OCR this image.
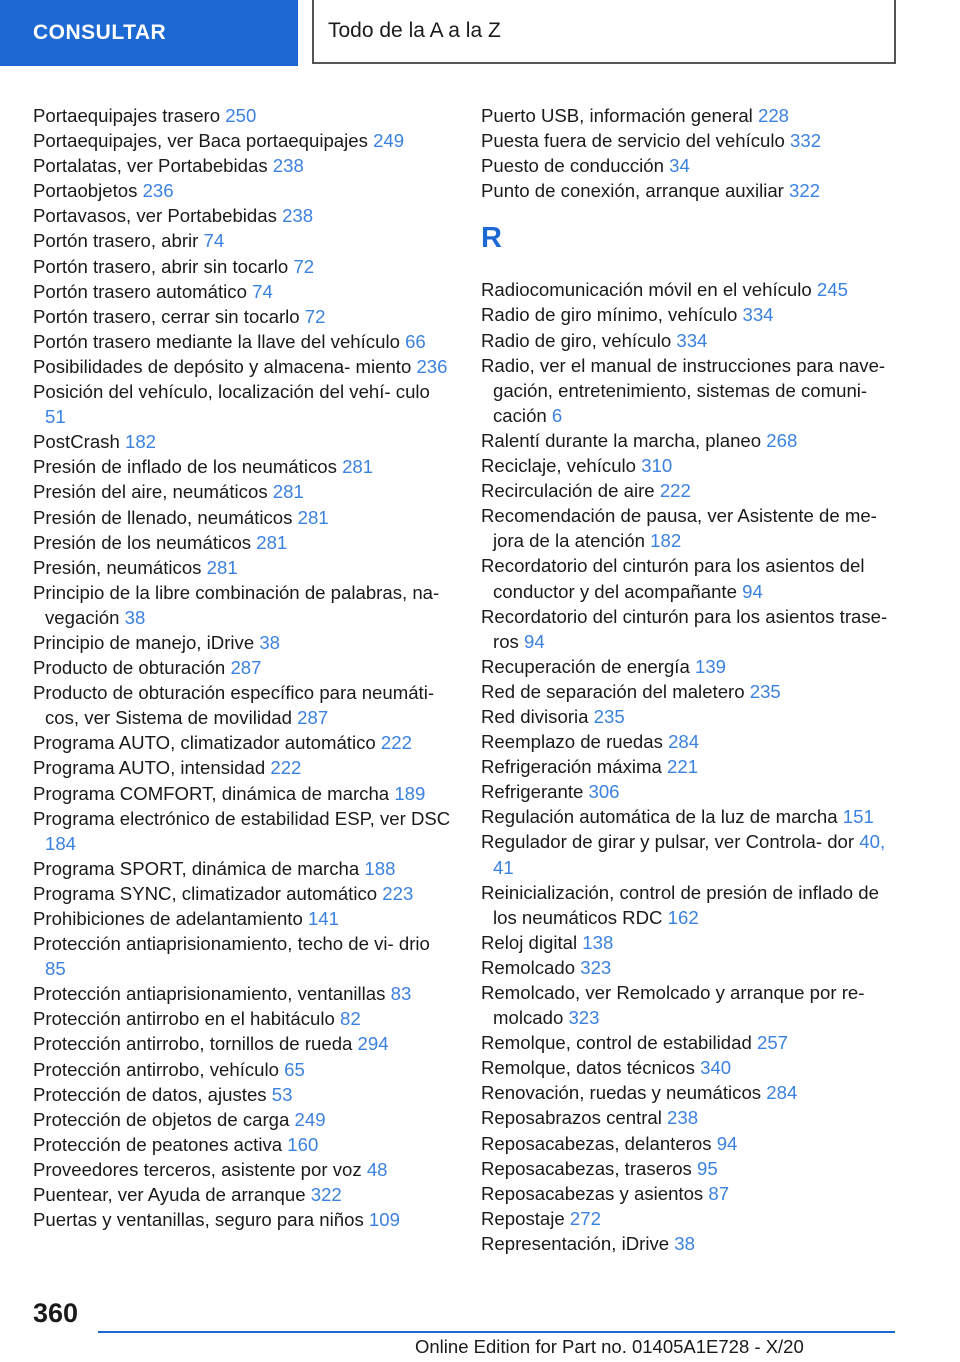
CONSULTAR	Todo de la A a la Z
Portaequipajes trasero 250
Portaequipajes, ver Baca portaequipajes 249
Portalatas, ver Portabebidas 238
Portaobjetos 236
Portavasos, ver Portabebidas 238
Portón trasero, abrir 74
Portón trasero, abrir sin tocarlo 72
Portón trasero automático 74
Portón trasero, cerrar sin tocarlo 72
Portón trasero mediante la llave del vehículo 66
Posibilidades de depósito y almacena‐ miento 236
Posición del vehículo, localización del vehí‐ culo 51
PostCrash 182
Presión de inflado de los neumáticos 281
Presión del aire, neumáticos 281
Presión de llenado, neumáticos 281
Presión de los neumáticos 281
Presión, neumáticos 281
Principio de la libre combinación de palabras, na‐ vegación 38
Principio de manejo, iDrive 38
Producto de obturación 287
Producto de obturación específico para neumáti‐ cos, ver Sistema de movilidad 287
Programa AUTO, climatizador automático 222
Programa AUTO, intensidad 222
Programa COMFORT, dinámica de marcha 189
Programa electrónico de estabilidad ESP, ver DSC 184
Programa SPORT, dinámica de marcha 188
Programa SYNC, climatizador automático 223
Prohibiciones de adelantamiento 141
Protección antiaprisionamiento, techo de vi‐ drio 85
Protección antiaprisionamiento, ventanillas 83
Protección antirrobo en el habitáculo 82
Protección antirrobo, tornillos de rueda 294
Protección antirrobo, vehículo 65
Protección de datos, ajustes 53
Protección de objetos de carga 249
Protección de peatones activa 160
Proveedores terceros, asistente por voz 48
Puentear, ver Ayuda de arranque 322
Puertas y ventanillas, seguro para niños 109
Puerto USB, información general 228
Puesta fuera de servicio del vehículo 332
Puesto de conducción 34
Punto de conexión, arranque auxiliar 322
R
Radiocomunicación móvil en el vehículo 245
Radio de giro mínimo, vehículo 334
Radio de giro, vehículo 334
Radio, ver el manual de instrucciones para nave‐ gación, entretenimiento, sistemas de comuni‐ cación 6
Ralentí durante la marcha, planeo 268
Reciclaje, vehículo 310
Recirculación de aire 222
Recomendación de pausa, ver Asistente de me‐ jora de la atención 182
Recordatorio del cinturón para los asientos del conductor y del acompañante 94
Recordatorio del cinturón para los asientos trase‐ ros 94
Recuperación de energía 139
Red de separación del maletero 235
Red divisoria 235
Reemplazo de ruedas 284
Refrigeración máxima 221
Refrigerante 306
Regulación automática de la luz de marcha 151
Regulador de girar y pulsar, ver Controla‐ dor 40, 41
Reinicialización, control de presión de inflado de los neumáticos RDC 162
Reloj digital 138
Remolcado 323
Remolcado, ver Remolcado y arranque por re‐ molcado 323
Remolque, control de estabilidad 257
Remolque, datos técnicos 340
Renovación, ruedas y neumáticos 284
Reposabrazos central 238
Reposacabezas, delanteros 94
Reposacabezas, traseros 95
Reposacabezas y asientos 87
Repostaje 272
Representación, iDrive 38
360
Online Edition for Part no. 01405A1E728 - X/20
